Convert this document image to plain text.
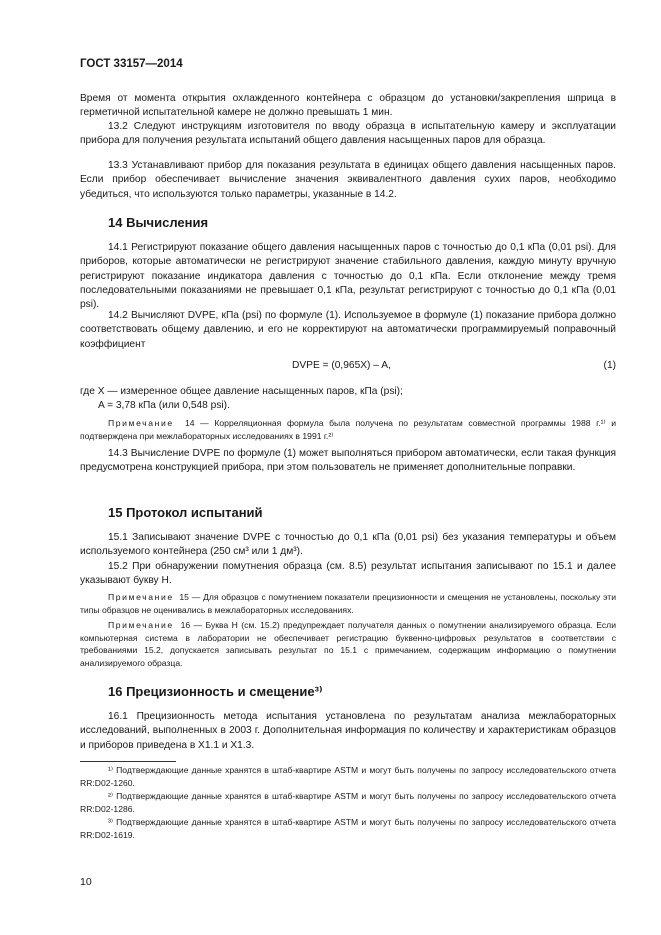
ГОСТ 33157—2014

Время от момента открытия охлажденного контейнера с образцом до установки/закрепления шприца в герметичной испытательной камере не должно превышать 1 мин.

13.2 Следуют инструкциям изготовителя по вводу образца в испытательную камеру и эксплуатации прибора для получения результата испытаний общего давления насыщенных паров для образца.

13.3 Устанавливают прибор для показания результата в единицах общего давления насыщенных паров. Если прибор обеспечивает вычисление значения эквивалентного давления сухих паров, необходимо убедиться, что используются только параметры, указанные в 14.2.

14 Вычисления

14.1 Регистрируют показание общего давления насыщенных паров с точностью до 0,1 кПа (0,01 psi). Для приборов, которые автоматически не регистрируют значение стабильного давления, каждую минуту вручную регистрируют показание индикатора давления с точностью до 0,1 кПа. Если отклонение между тремя последовательными показаниями не превышает 0,1 кПа, результат регистрируют с точностью до 0,1 кПа (0,01 psi).

14.2 Вычисляют DVPE, кПа (psi) по формуле (1). Используемое в формуле (1) показание прибора должно соответствовать общему давлению, и его не корректируют на автоматически программируемый поправочный коэффициент

DVPE = (0,965X) – A,	(1)

где X — измеренное общее давление насыщенных паров, кПа (psi);

A = 3,78 кПа (или 0,548 psi).

Примечание 14 — Корреляционная формула была получена по результатам совместной программы 1988 г.¹⁾ и подтверждена при межлабораторных исследованиях в 1991 г.²⁾

14.3 Вычисление DVPE по формуле (1) может выполняться прибором автоматически, если такая функция предусмотрена конструкцией прибора, при этом пользователь не применяет дополнительные поправки.

15 Протокол испытаний

15.1 Записывают значение DVPE с точностью до 0,1 кПа (0,01 psi) без указания температуры и объем используемого контейнера (250 см³ или 1 дм³).

15.2 При обнаружении помутнения образца (см. 8.5) результат испытания записывают по 15.1 и далее указывают букву Н.

Примечание 15 — Для образцов с помутнением показатели прецизионности и смещения не установлены, поскольку эти типы образцов не оценивались в межлабораторных исследованиях.

Примечание 16 — Буква Н (см. 15.2) предупреждает получателя данных о помутнении анализируемого образца. Если компьютерная система в лаборатории не обеспечивает регистрацию буквенно-цифровых результатов в соответствии с требованиями 15.2, допускается записывать результат по 15.1 с примечанием, содержащим информацию о помутнении анализируемого образца.

16 Прецизионность и смещение³⁾

16.1 Прецизионность метода испытания установлена по результатам анализа межлабораторных исследований, выполненных в 2003 г. Дополнительная информация по количеству и характеристикам образцов и приборов приведена в X1.1 и X1.3.

¹⁾ Подтверждающие данные хранятся в штаб-квартире ASTM и могут быть получены по запросу исследовательского отчета RR:D02-1260.

²⁾ Подтверждающие данные хранятся в штаб-квартире ASTM и могут быть получены по запросу исследовательского отчета RR:D02-1286.

³⁾ Подтверждающие данные хранятся в штаб-квартире ASTM и могут быть получены по запросу исследовательского отчета RR:D02-1619.

10
